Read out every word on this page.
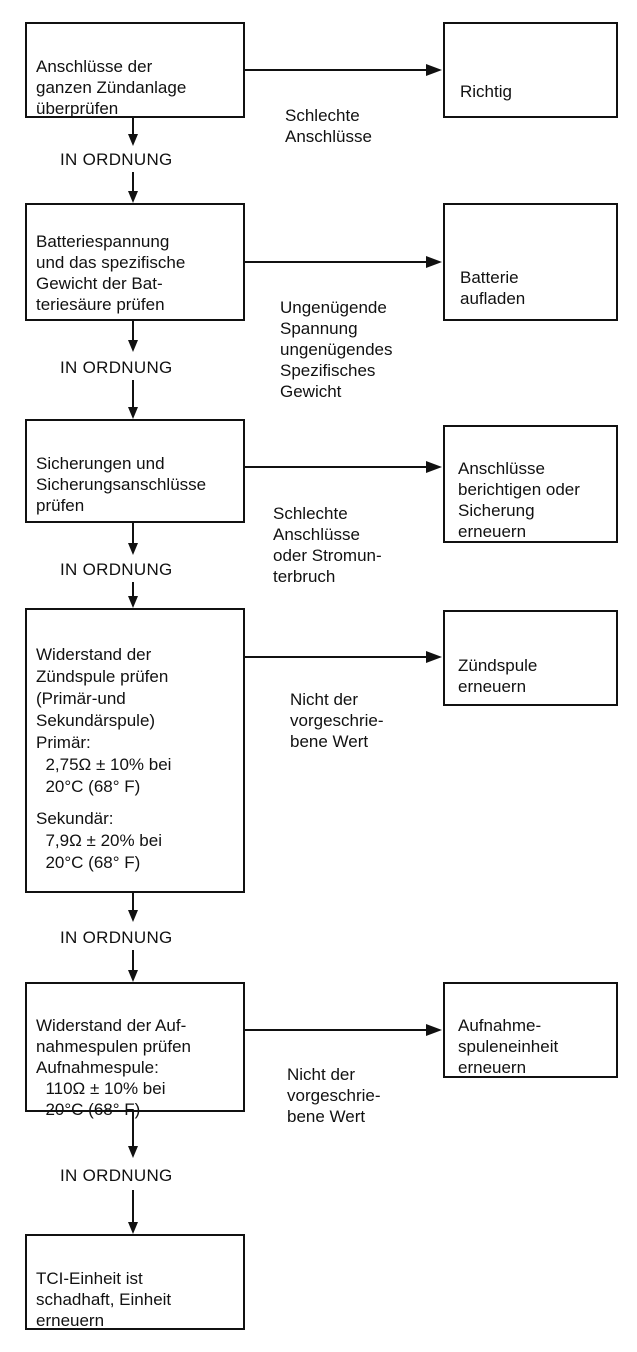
Anschlüsse der
ganzen Zündanlage
überprüfen

Richtig

Schlechte
Anschlüsse

IN ORDNUNG

Batteriespannung
und das spezifische
Gewicht der Bat-
teriesäure prüfen

Batterie
aufladen

Ungenügende
Spannung
ungenügendes
Spezifisches
Gewicht

IN ORDNUNG

Sicherungen und
Sicherungsanschlüsse
prüfen

Anschlüsse
berichtigen oder
Sicherung
erneuern

Schlechte
Anschlüsse
oder Stromun-
terbruch

IN ORDNUNG

Widerstand der
Zündspule prüfen
(Primär-und
Sekundärspule)
Primär:
2,75Ω ± 10% bei
20°C (68° F)
Sekundär:
7,9Ω ± 20% bei
20°C (68° F)

Zündspule
erneuern

Nicht der
vorgeschrie-
bene Wert

IN ORDNUNG

Widerstand der Auf-
nahmespulen prüfen
Aufnahmespule:
110Ω ± 10% bei
20°C (68° F)

Aufnahme-
spuleneinheit
erneuern

Nicht der
vorgeschrie-
bene Wert

IN ORDNUNG

TCI-Einheit ist
schadhaft, Einheit
erneuern
